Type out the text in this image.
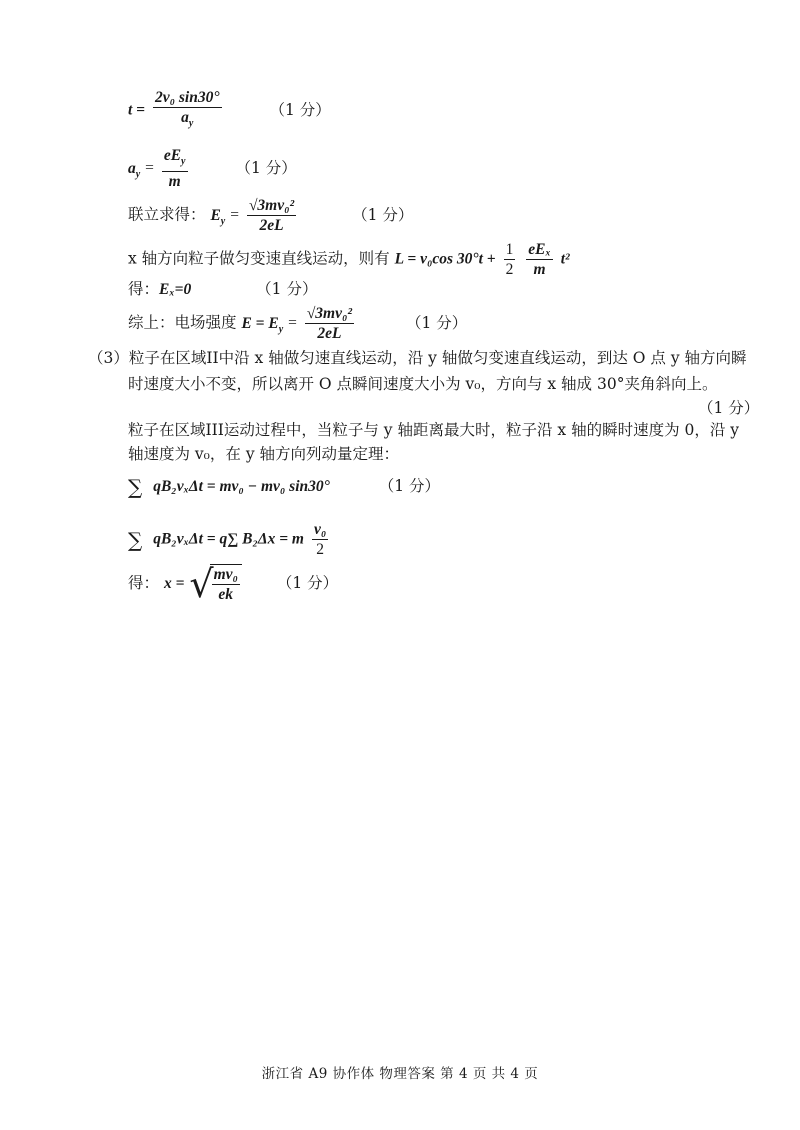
$t = \frac{\text{2v₀ sin30°}}{a_y}$	（1 分）
$a_y = \frac{eE_y}{m}$	（1 分）
联立求得： $E_y = \frac{\text{√3mv₀²}}{2eL}$	（1 分）
x 轴方向粒子做匀变速直线运动，则有 L = v₀cos $30^\circ t + \frac{1}{2}$
$\frac{\text{eEₓ}}{m} t^2$
得：Eₓ=0	（1 分）
综上：电场强度 $E = E_y = \frac{\text{√3mv₀²}}{2eL}$	（1 分）
（3）粒子在区域II中沿 x 轴做匀速直线运动，沿 y 轴做匀变速直线运动，到达 O 点 y 轴方向瞬
时速度大小不变，所以离开 O 点瞬间速度大小为 v₀，方向与 x 轴成 30°夹角斜向上。
（1 分）
粒子在区域III运动过程中，当粒子与 y 轴距离最大时，粒子沿 x 轴的瞬时速度为 0，沿 y
轴速度为 v₀，在 y 轴方向列动量定理：
∑ qB₂vₓΔt = mv₀ − mv₀ sin30°	（1 分）
∑ qB₂vₓΔt = q∑ B₂Δx = m $\frac{\text{v₀}}{2}$
得： x = √
$\frac{\text{mv₀}}{ek} (1$ 分）
浙江省 A9 协作体 物理答案 第 4 页 共 4 页
